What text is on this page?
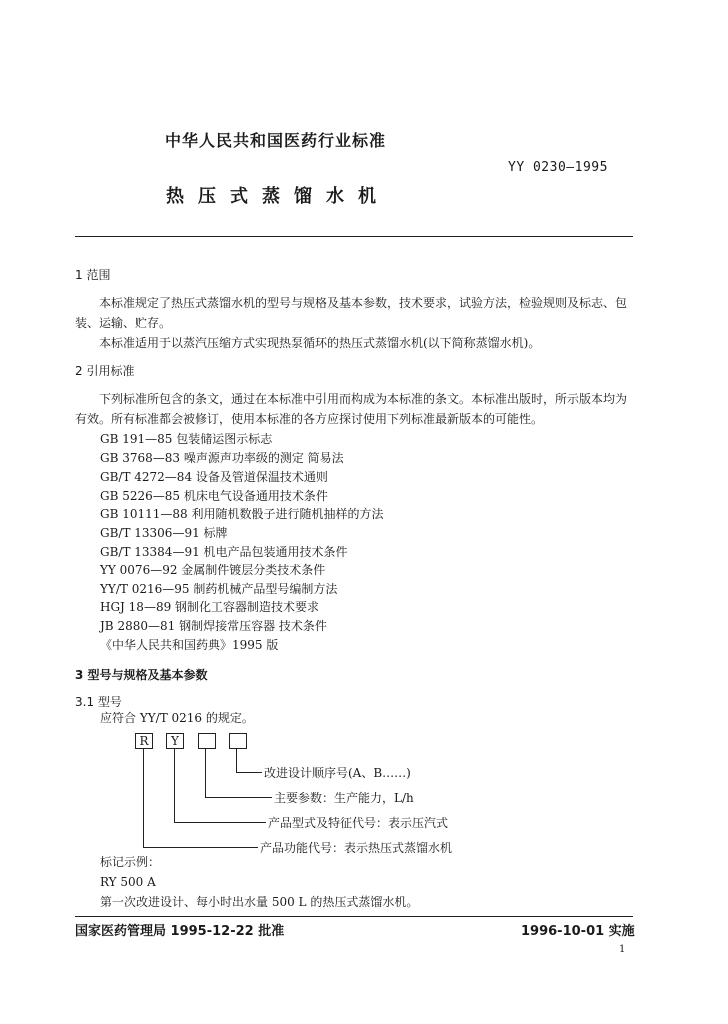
中华人民共和国医药行业标准
YY 0230—1995
热压式蒸馏水机
1 范围
本标准规定了热压式蒸馏水机的型号与规格及基本参数，技术要求，试验方法，检验规则及标志、包装、运输、贮存。
本标准适用于以蒸汽压缩方式实现热泵循环的热压式蒸馏水机(以下简称蒸馏水机)。
2 引用标准
下列标准所包含的条文，通过在本标准中引用而构成为本标准的条文。本标准出版时，所示版本均为有效。所有标准都会被修订，使用本标准的各方应探讨使用下列标准最新版本的可能性。
GB 191—85 包装储运图示标志
GB 3768—83 噪声源声功率级的测定 简易法
GB/T 4272—84 设备及管道保温技术通则
GB 5226—85 机床电气设备通用技术条件
GB 10111—88 利用随机数骰子进行随机抽样的方法
GB/T 13306—91 标牌
GB/T 13384—91 机电产品包装通用技术条件
YY 0076—92 金属制件镀层分类技术条件
YY/T 0216—95 制药机械产品型号编制方法
HGJ 18—89 钢制化工容器制造技术要求
JB 2880—81 钢制焊接常压容器 技术条件
《中华人民共和国药典》1995 版
3 型号与规格及基本参数
3.1 型号
应符合 YY/T 0216 的规定。
R	Y
改进设计顺序号(A、B……)
主要参数：生产能力，L/h
产品型式及特征代号：表示压汽式
产品功能代号：表示热压式蒸馏水机
标记示例：
RY 500 A
第一次改进设计、每小时出水量 500 L 的热压式蒸馏水机。
国家医药管理局 1995-12-22 批准	1996-10-01 实施
1
